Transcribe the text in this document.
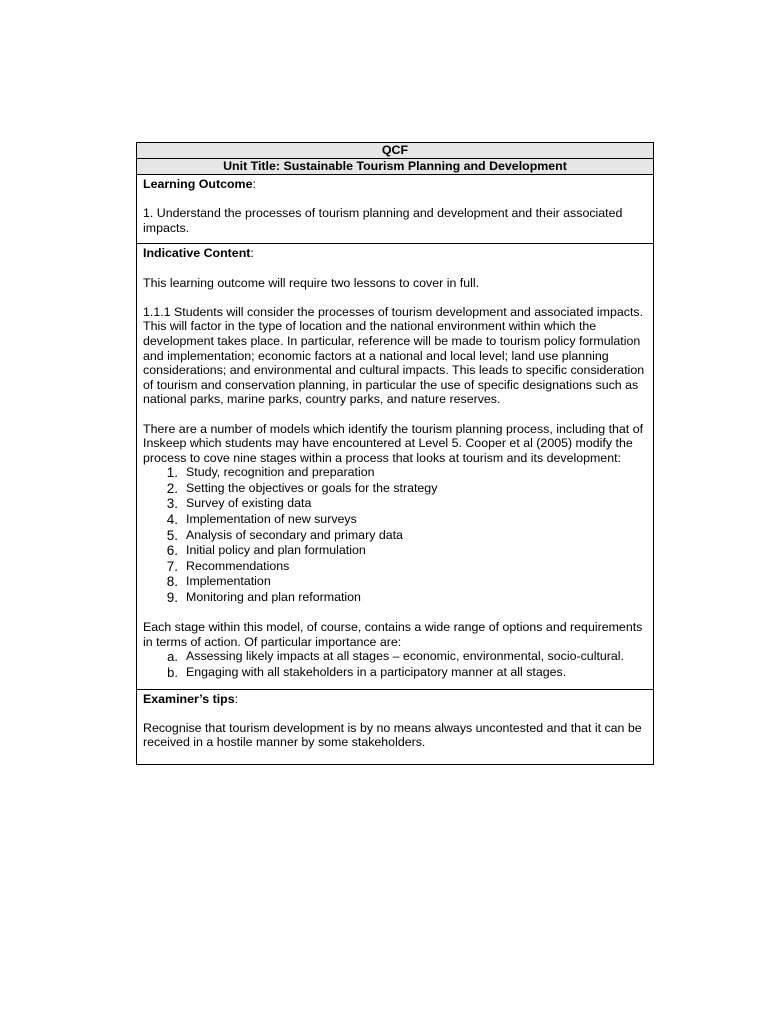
QCF
Unit Title: Sustainable Tourism Planning and Development

Learning Outcome:

1. Understand the processes of tourism planning and development and their associated impacts.

Indicative Content:

This learning outcome will require two lessons to cover in full.

1.1.1 Students will consider the processes of tourism development and associated impacts. This will factor in the type of location and the national environment within which the development takes place. In particular, reference will be made to tourism policy formulation and implementation; economic factors at a national and local level; land use planning considerations; and environmental and cultural impacts. This leads to specific consideration of tourism and conservation planning, in particular the use of specific designations such as national parks, marine parks, country parks, and nature reserves.

There are a number of models which identify the tourism planning process, including that of Inskeep which students may have encountered at Level 5. Cooper et al (2005) modify the process to cove nine stages within a process that looks at tourism and its development:

1. Study, recognition and preparation
2. Setting the objectives or goals for the strategy
3. Survey of existing data
4. Implementation of new surveys
5. Analysis of secondary and primary data
6. Initial policy and plan formulation
7. Recommendations
8. Implementation
9. Monitoring and plan reformation

Each stage within this model, of course, contains a wide range of options and requirements in terms of action. Of particular importance are:

a. Assessing likely impacts at all stages – economic, environmental, socio-cultural.
b. Engaging with all stakeholders in a participatory manner at all stages.

Examiner’s tips:

Recognise that tourism development is by no means always uncontested and that it can be received in a hostile manner by some stakeholders.
